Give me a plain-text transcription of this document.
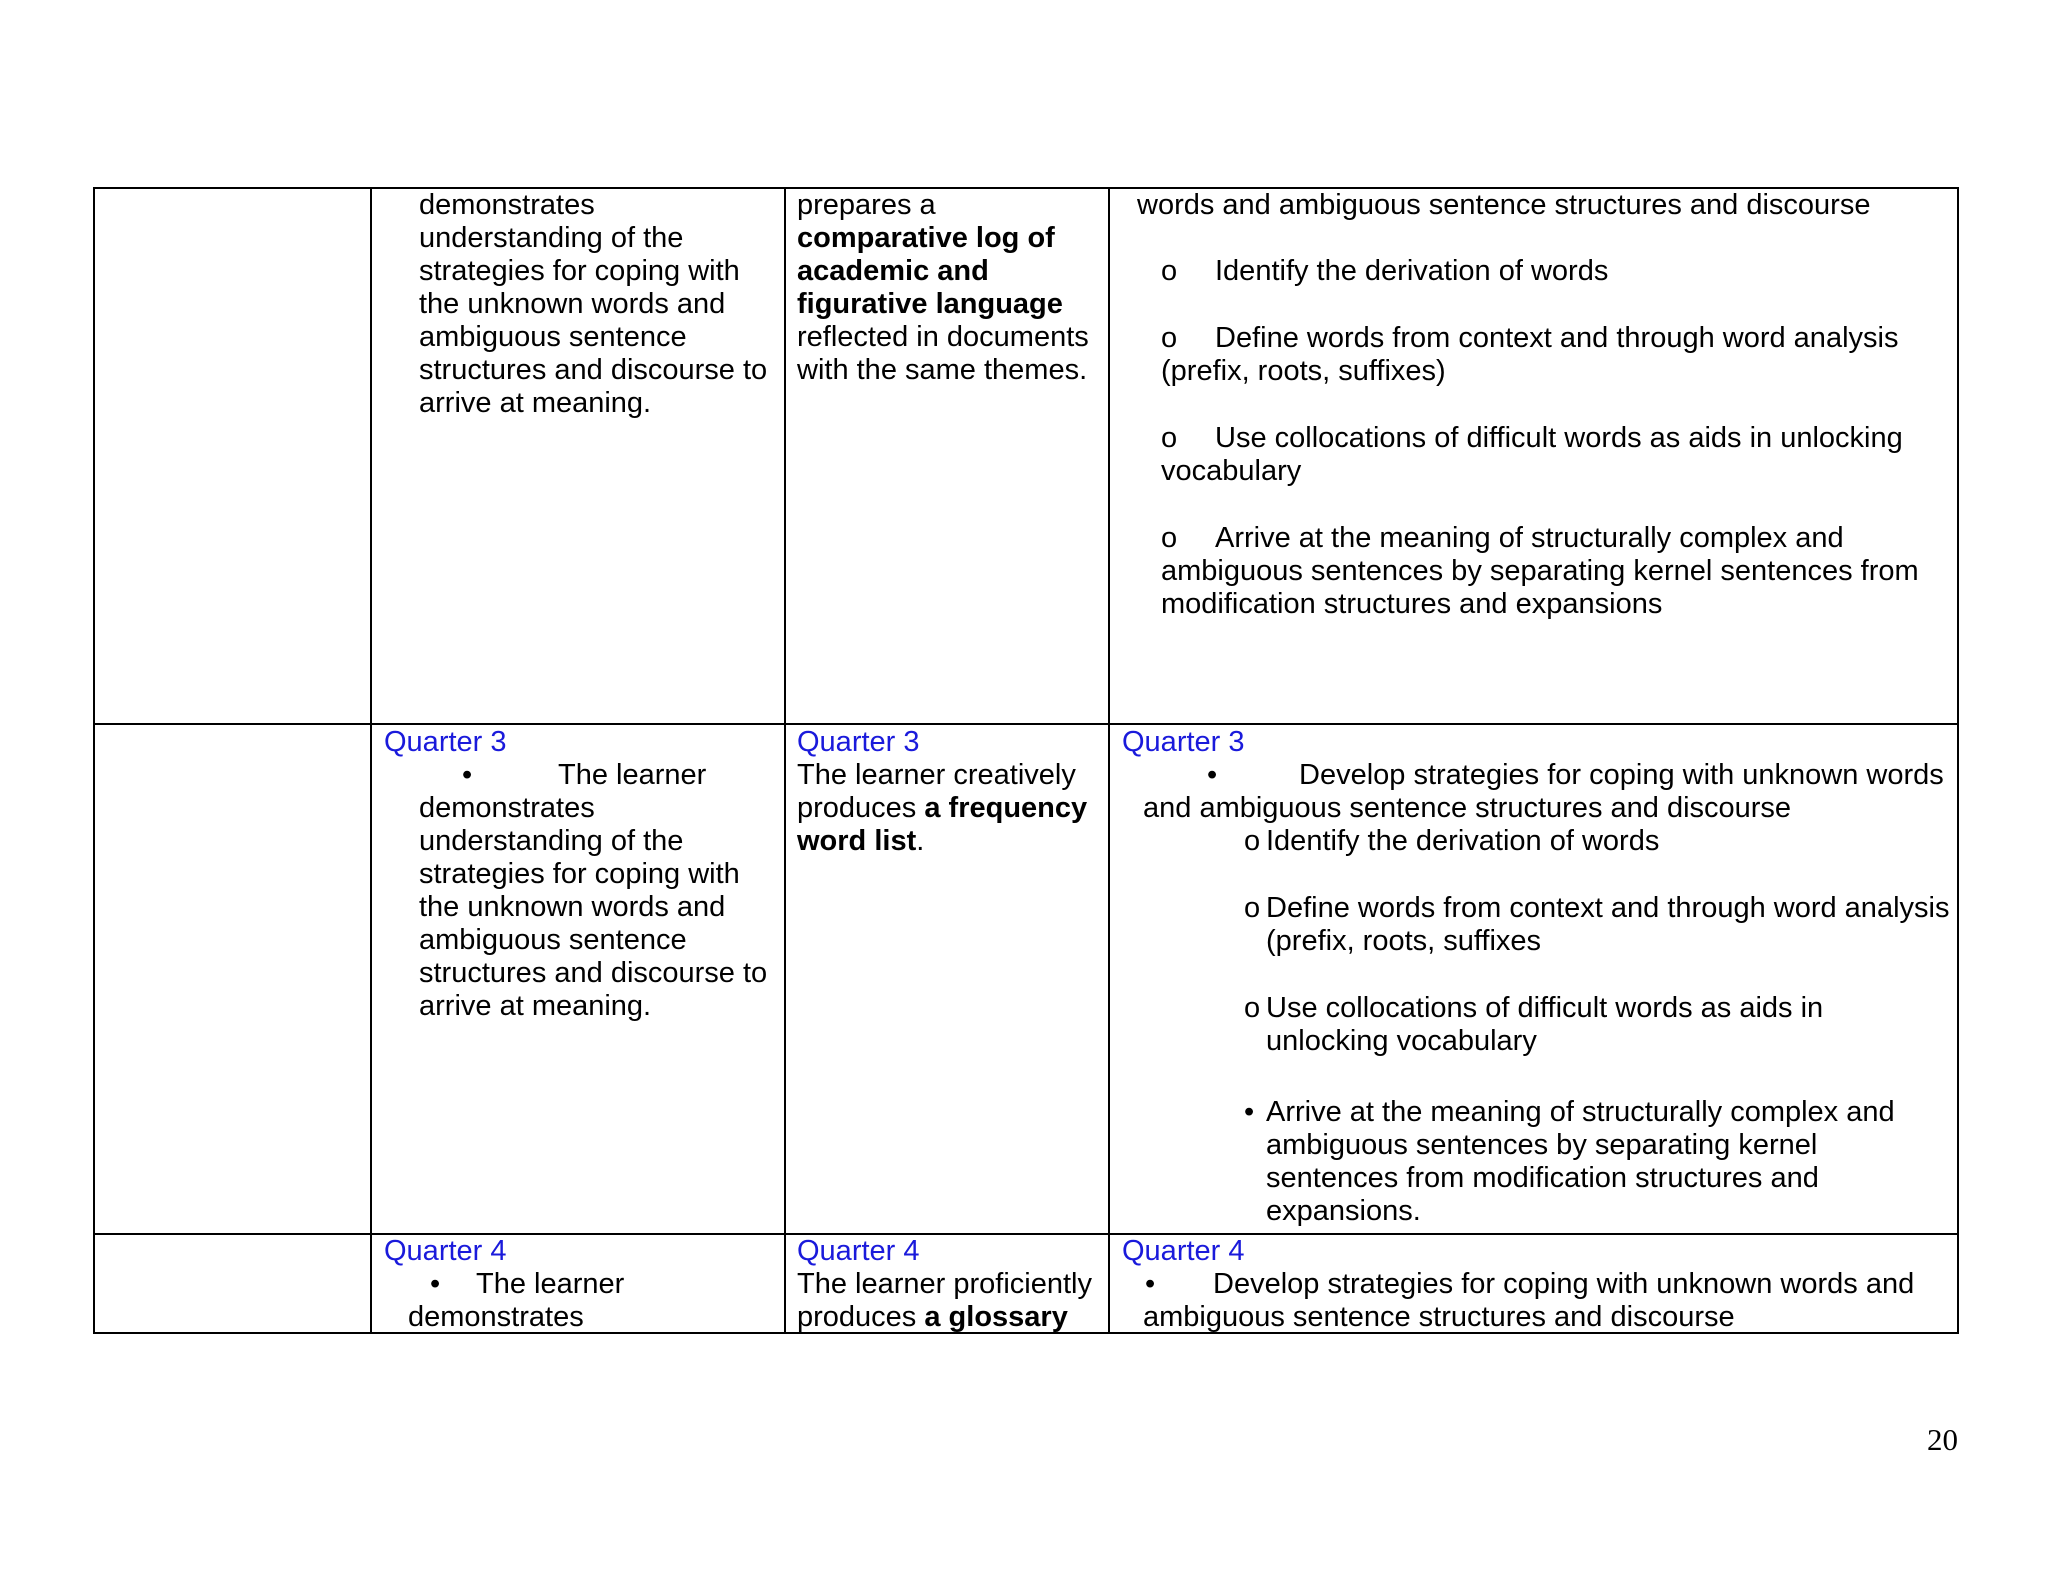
demonstrates
understanding of the
strategies for coping with
the unknown words and
ambiguous sentence
structures and discourse to
arrive at meaning.
prepares a
comparative log of
academic and
figurative language
reflected in documents
with the same themes.
words and ambiguous sentence structures and discourse
o Identify the derivation of words
o Define words from context and through word analysis
(prefix, roots, suffixes)
o Use collocations of difficult words as aids in unlocking
vocabulary
o Arrive at the meaning of structurally complex and
ambiguous sentences by separating kernel sentences from
modification structures and expansions
Quarter 3
•	The learner
demonstrates
understanding of the
strategies for coping with
the unknown words and
ambiguous sentence
structures and discourse to
arrive at meaning.
Quarter 3
The learner creatively
produces a frequency
word list.
Quarter 3
•	Develop strategies for coping with unknown words
and ambiguous sentence structures and discourse
o Identify the derivation of words
o Define words from context and through word analysis
(prefix, roots, suffixes
o Use collocations of difficult words as aids in
unlocking vocabulary
• Arrive at the meaning of structurally complex and
ambiguous sentences by separating kernel
sentences from modification structures and
expansions.
Quarter 4
• The learner
demonstrates
Quarter 4
The learner proficiently
produces a glossary
Quarter 4
• Develop strategies for coping with unknown words and
ambiguous sentence structures and discourse
20
